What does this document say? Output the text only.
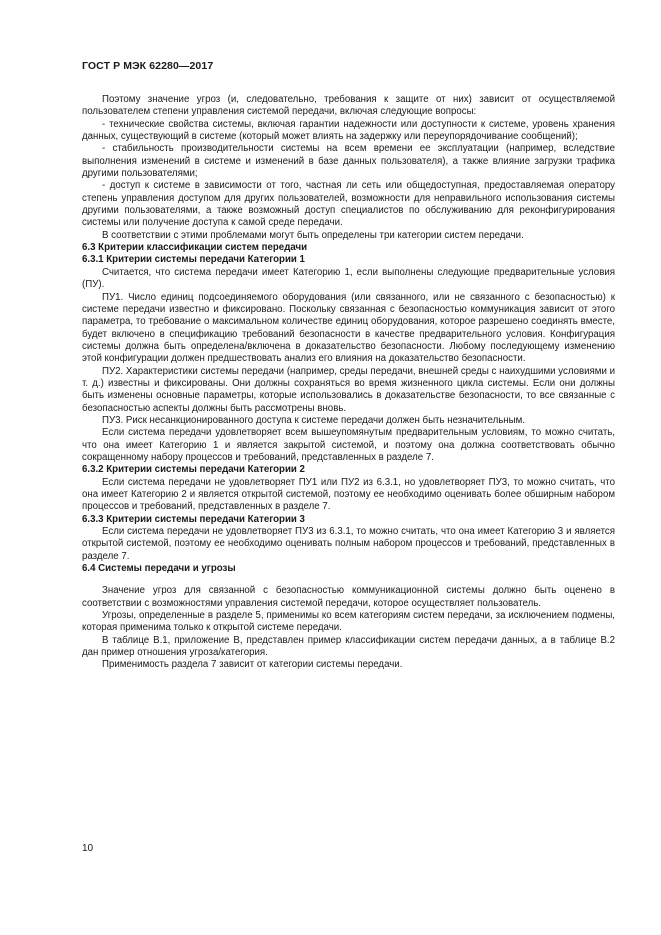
ГОСТ Р МЭК 62280—2017

Поэтому значение угроз (и, следовательно, требования к защите от них) зависит от осуществляемой пользователем степени управления системой передачи, включая следующие вопросы:

- технические свойства системы, включая гарантии надежности или доступности к системе, уровень хранения данных, существующий в системе (который может влиять на задержку или переупорядочивание сообщений);

- стабильность производительности системы на всем времени ее эксплуатации (например, вследствие выполнения изменений в системе и изменений в базе данных пользователя), а также влияние загрузки трафика другими пользователями;

- доступ к системе в зависимости от того, частная ли сеть или общедоступная, предоставляемая оператору степень управления доступом для других пользователей, возможности для неправильного использования системы другими пользователями, а также возможный доступ специалистов по обслуживанию для реконфигурирования системы или получение доступа к самой среде передачи.

В соответствии с этими проблемами могут быть определены три категории систем передачи.

6.3 Критерии классификации систем передачи

6.3.1 Критерии системы передачи Категории 1

Считается, что система передачи имеет Категорию 1, если выполнены следующие предварительные условия (ПУ).

ПУ1. Число единиц подсоединяемого оборудования (или связанного, или не связанного с безопасностью) к системе передачи известно и фиксировано. Поскольку связанная с безопасностью коммуникация зависит от этого параметра, то требование о максимальном количестве единиц оборудования, которое разрешено соединять вместе, будет включено в спецификацию требований безопасности в качестве предварительного условия. Конфигурация системы должна быть определена/включена в доказательство безопасности. Любому последующему изменению этой конфигурации должен предшествовать анализ его влияния на доказательство безопасности.

ПУ2. Характеристики системы передачи (например, среды передачи, внешней среды с наихудшими условиями и т. д.) известны и фиксированы. Они должны сохраняться во время жизненного цикла системы. Если они должны быть изменены основные параметры, которые использовались в доказательстве безопасности, то все связанные с безопасностью аспекты должны быть рассмотрены вновь.

ПУ3. Риск несанкционированного доступа к системе передачи должен быть незначительным.

Если система передачи удовлетворяет всем вышеупомянутым предварительным условиям, то можно считать, что она имеет Категорию 1 и является закрытой системой, и поэтому она должна соответствовать обычно сокращенному набору процессов и требований, представленных в разделе 7.

6.3.2 Критерии системы передачи Категории 2

Если система передачи не удовлетворяет ПУ1 или ПУ2 из 6.3.1, но удовлетворяет ПУ3, то можно считать, что она имеет Категорию 2 и является открытой системой, поэтому ее необходимо оценивать более обширным набором процессов и требований, представленных в разделе 7.

6.3.3 Критерии системы передачи Категории 3

Если система передачи не удовлетворяет ПУ3 из 6.3.1, то можно считать, что она имеет Категорию 3 и является открытой системой, поэтому ее необходимо оценивать полным набором процессов и требований, представленных в разделе 7.

6.4 Системы передачи и угрозы

Значение угроз для связанной с безопасностью коммуникационной системы должно быть оценено в соответствии с возможностями управления системой передачи, которое осуществляет пользователь.

Угрозы, определенные в разделе 5, применимы ко всем категориям систем передачи, за исключением подмены, которая применима только к открытой системе передачи.

В таблице В.1, приложение В, представлен пример классификации систем передачи данных, а в таблице В.2 дан пример отношения угроза/категория.

Применимость раздела 7 зависит от категории системы передачи.

10
